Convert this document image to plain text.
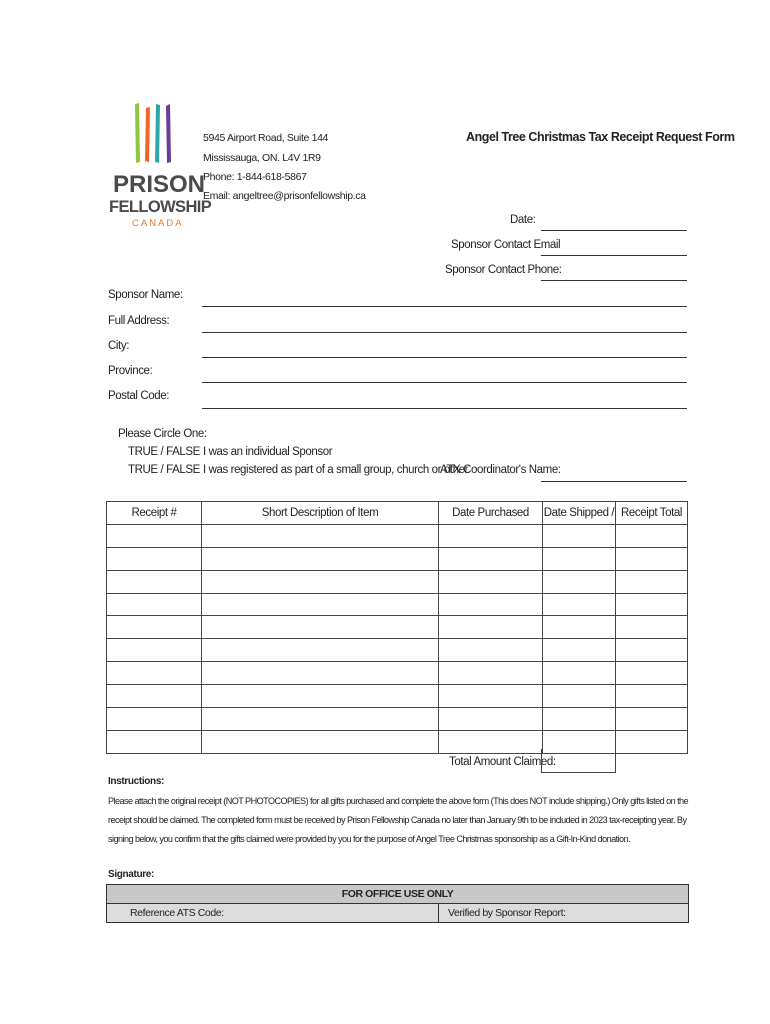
PRISON
FELLOWSHIP
CANADA
5945 Airport Road, Suite 144
Mississauga, ON. L4V 1R9
Phone: 1-844-618-5867
Email: angeltree@prisonfellowship.ca
Angel Tree Christmas Tax Receipt Request Form
Date:
Sponsor Contact Email
Sponsor Contact Phone:
Sponsor Name:
Full Address:
City:
Province:
Postal Code:
Please Circle One:
TRUE / FALSE I was an individual Sponsor
TRUE / FALSE I was registered as part of a small group, church or other
ATX Coordinator's Name:
Receipt #	Short Description of Item	Date Purchased	Date Shipped /	Receipt Total

Total Amount Claimed:
Instructions:
Please attach the original receipt (NOT PHOTOCOPIES) for all gifts purchased and complete the above form (This does NOT include shipping.) Only gifts listed on the
receipt should be claimed. The completed form must be received by Prison Fellowship Canada no later than January 9th to be included in 2023 tax-receipting year. By
signing below, you confirm that the gifts claimed were provided by you for the purpose of Angel Tree Christmas sponsorship as a Gift-In-Kind donation.
Signature:
FOR OFFICE USE ONLY
Reference ATS Code:	Verified by Sponsor Report:
